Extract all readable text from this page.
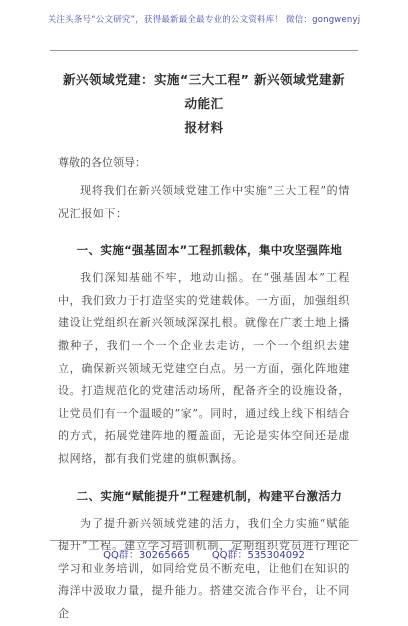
关注头条号“公文研究”，获得最新最全最专业的公文资料库！ 微信：gongwenyj
新兴领域党建：实施“三大工程” 新兴领域党建新动能汇
报材料
尊敬的各位领导：

现将我们在新兴领域党建工作中实施“三大工程”的情况汇报如下：

一、实施“强基固本”工程抓载体，集中攻坚强阵地

我们深知基础不牢，地动山摇。在“强基固本”工程中，我们致力于打造坚实的党建载体。一方面，加强组织建设让党组织在新兴领域深深扎根。就像在广袤土地上播撒种子，我们一个一个企业去走访，一个一个组织去建立，确保新兴领域无党建空白点。另一方面，强化阵地建设。打造规范化的党建活动场所，配备齐全的设施设备，让党员们有一个温暖的“家”。同时，通过线上线下相结合的方式，拓展党建阵地的覆盖面，无论是实体空间还是虚拟网络，都有我们党建的旗帜飘扬。

二、实施“赋能提升”工程建机制，构建平台激活力

为了提升新兴领域党建的活力，我们全力实施“赋能提升”工程。建立学习培训机制，定期组织党员进行理论学习和业务培训，如同给党员不断充电，让他们在知识的海洋中汲取力量，提升能力。搭建交流合作平台，让不同企

QQ群：30265665 QQ群：535304092
